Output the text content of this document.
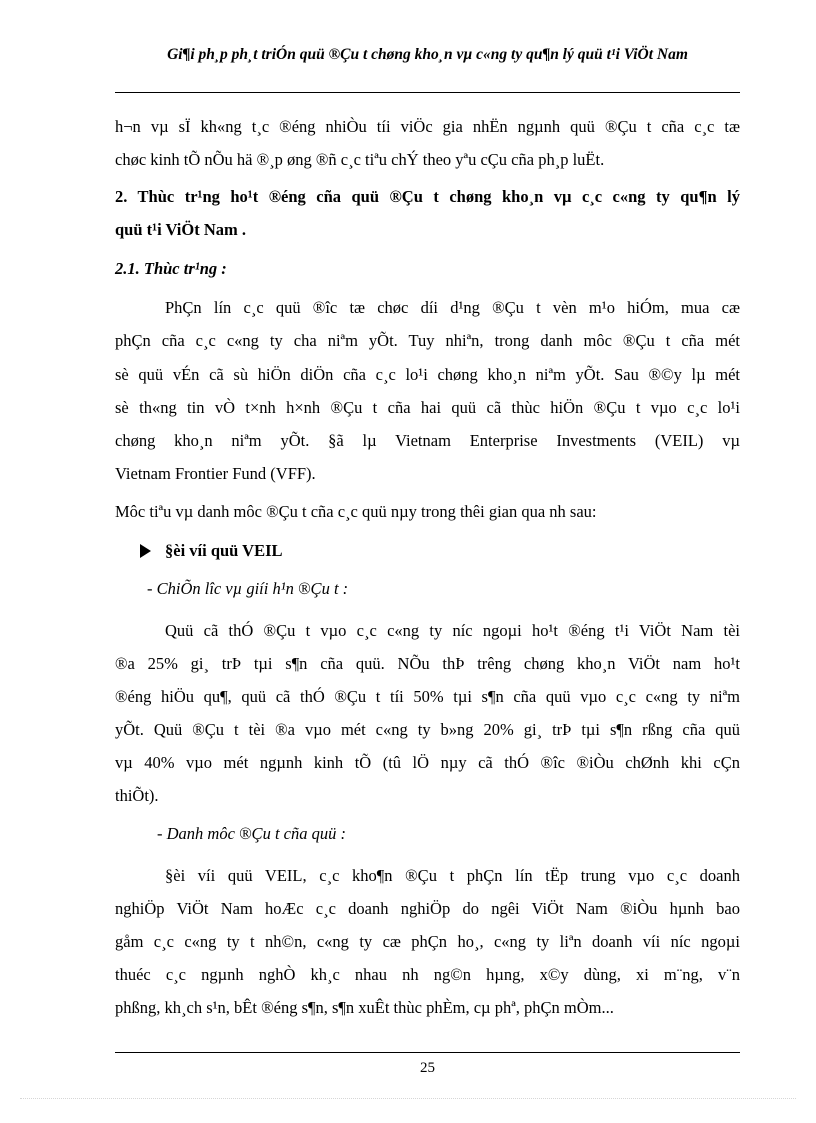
Gi¶i ph¸p ph¸t triÓn quü ®Çu t chøng kho¸n vµ c«ng ty qu¶n lý quü t¹i ViÖt Nam
h¬n vµ sÏ kh«ng t¸c ®éng nhiÒu tíi viÖc gia nhËn ngµnh quü ®Çu t cña c¸c tæ
chøc kinh tÕ nÕu hä ®¸p øng ®ñ c¸c tiªu chÝ theo yªu cÇu cña ph¸p luËt.
2. Thùc tr¹ng ho¹t ®éng cña quü ®Çu t chøng kho¸n vµ c¸c c«ng ty qu¶n lý
quü t¹i ViÖt Nam .
2.1. Thùc tr¹ng :
PhÇn lín c¸c quü ®îc tæ chøc díi d¹ng ®Çu t vèn m¹o hiÓm, mua cæ
phÇn cña c¸c c«ng ty cha niªm yÕt. Tuy nhiªn, trong danh môc ®Çu t cña mét
sè quü vÉn cã sù hiÖn diÖn cña c¸c lo¹i chøng kho¸n niªm yÕt. Sau ®©y lµ mét
sè th«ng tin vÒ t×nh h×nh ®Çu t cña hai quü cã thùc hiÖn ®Çu t vµo c¸c lo¹i
chøng kho¸n niªm yÕt. §ã lµ Vietnam Enterprise Investments (VEIL) vµ
Vietnam Frontier Fund (VFF).
Môc tiªu vµ danh môc ®Çu t cña c¸c quü nµy trong thêi gian qua nh sau:
§èi víi quü VEIL
- ChiÕn lîc vµ giíi h¹n ®Çu t :
Quü cã thÓ ®Çu t vµo c¸c c«ng ty níc ngoµi ho¹t ®éng t¹i ViÖt Nam tèi
®a 25% gi¸ trÞ tµi s¶n cña quü. NÕu thÞ trêng chøng kho¸n ViÖt nam ho¹t
®éng hiÖu qu¶, quü cã thÓ ®Çu t tíi 50% tµi s¶n cña quü vµo c¸c c«ng ty niªm
yÕt. Quü ®Çu t tèi ®a vµo mét c«ng ty b»ng 20% gi¸ trÞ tµi s¶n rßng cña quü
vµ 40% vµo mét ngµnh kinh tÕ (tû lÖ nµy cã thÓ ®îc ®iÒu chØnh khi cÇn
thiÕt).
- Danh môc ®Çu t cña quü :
§èi víi quü VEIL, c¸c kho¶n ®Çu t phÇn lín tËp trung vµo c¸c doanh
nghiÖp ViÖt Nam hoÆc c¸c doanh nghiÖp do ngêi ViÖt Nam ®iÒu hµnh bao
gåm c¸c c«ng ty t nh©n, c«ng ty cæ phÇn ho¸, c«ng ty liªn doanh víi níc ngoµi
thuéc c¸c ngµnh nghÒ kh¸c nhau nh ng©n hµng, x©y dùng, xi m¨ng, v¨n
phßng, kh¸ch s¹n, bÊt ®éng s¶n, s¶n xuÊt thùc phÈm, cµ phª, phÇn mÒm...
25
